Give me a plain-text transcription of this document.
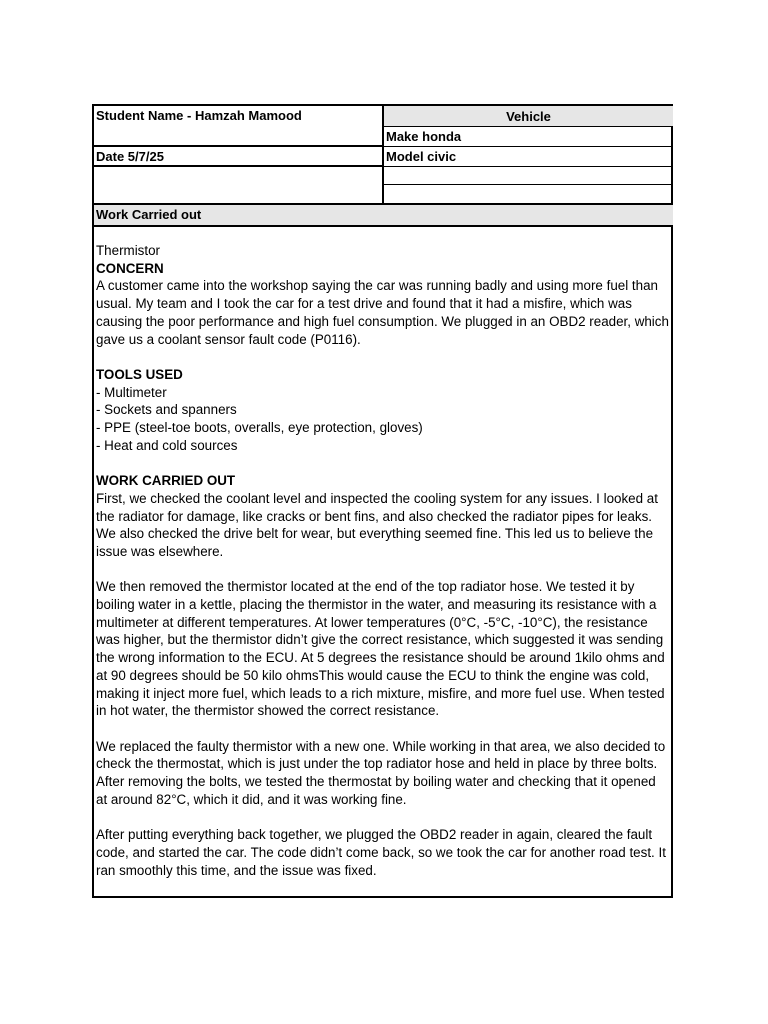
Student Name - Hamzah Mamood
Date 5/7/25
Vehicle
Make honda
Model civic
Work Carried out

Thermistor

CONCERN

A customer came into the workshop saying the car was running badly and using more fuel than usual. My team and I took the car for a test drive and found that it had a misfire, which was causing the poor performance and high fuel consumption. We plugged in an OBD2 reader, which gave us a coolant sensor fault code (P0116).

TOOLS USED

- Multimeter
- Sockets and spanners
- PPE (steel-toe boots, overalls, eye protection, gloves)
- Heat and cold sources

WORK CARRIED OUT

First, we checked the coolant level and inspected the cooling system for any issues. I looked at the radiator for damage, like cracks or bent fins, and also checked the radiator pipes for leaks. We also checked the drive belt for wear, but everything seemed fine. This led us to believe the issue was elsewhere.

We then removed the thermistor located at the end of the top radiator hose. We tested it by boiling water in a kettle, placing the thermistor in the water, and measuring its resistance with a multimeter at different temperatures. At lower temperatures (0°C, -5°C, -10°C), the resistance was higher, but the thermistor didn’t give the correct resistance, which suggested it was sending the wrong information to the ECU. At 5 degrees the resistance should be around 1kilo ohms and at 90 degrees should be 50 kilo ohmsThis would cause the ECU to think the engine was cold, making it inject more fuel, which leads to a rich mixture, misfire, and more fuel use. When tested in hot water, the thermistor showed the correct resistance.

We replaced the faulty thermistor with a new one. While working in that area, we also decided to check the thermostat, which is just under the top radiator hose and held in place by three bolts. After removing the bolts, we tested the thermostat by boiling water and checking that it opened at around 82°C, which it did, and it was working fine.

After putting everything back together, we plugged the OBD2 reader in again, cleared the fault code, and started the car. The code didn’t come back, so we took the car for another road test. It ran smoothly this time, and the issue was fixed.
